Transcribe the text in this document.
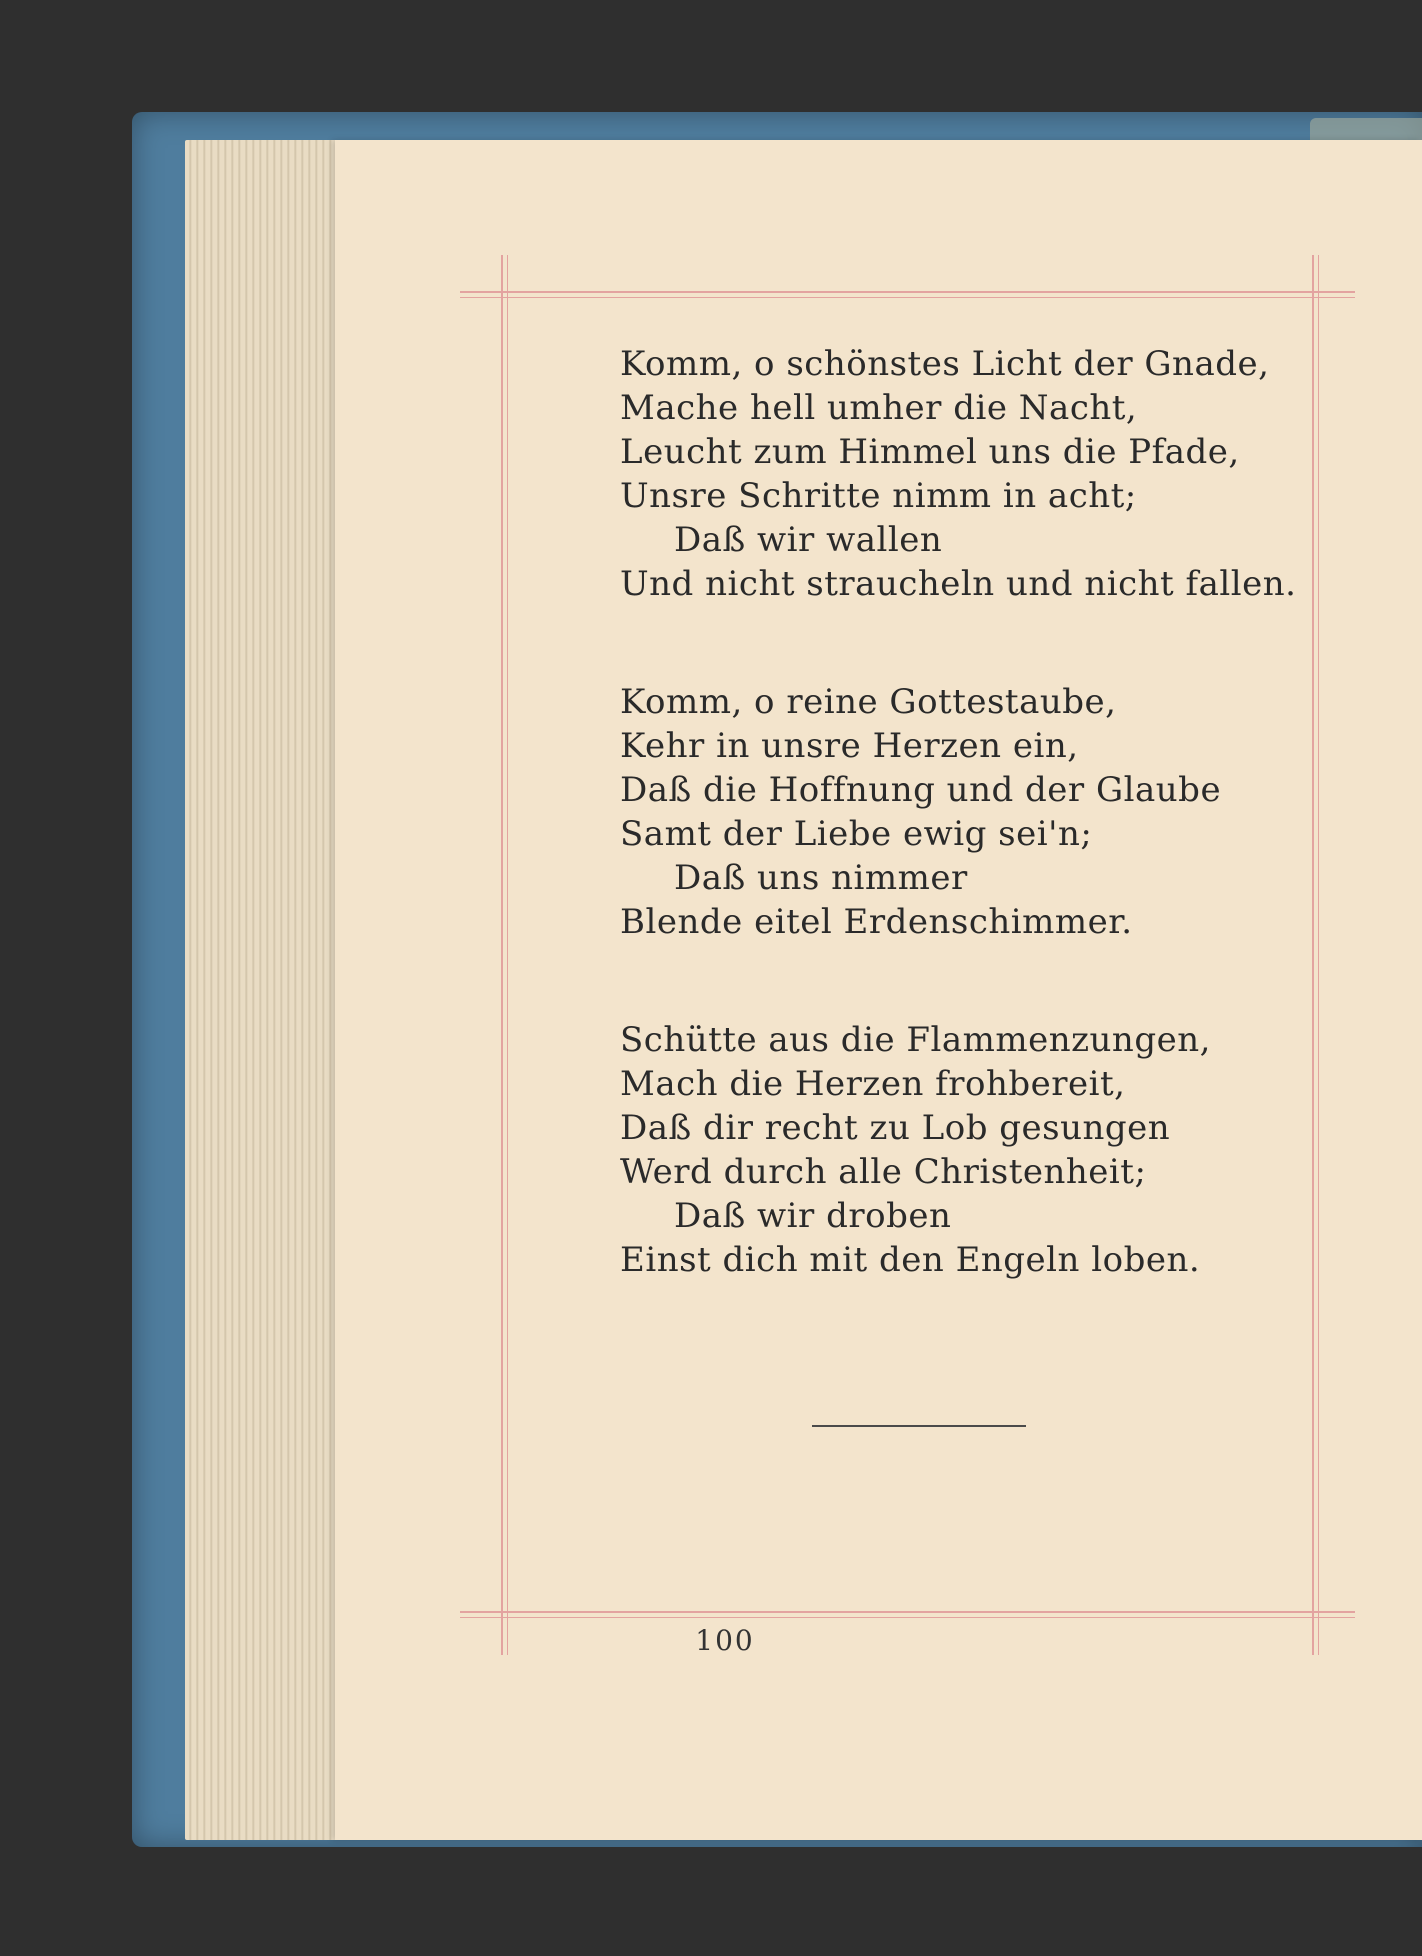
Komm, o schönstes Licht der Gnade,
Mache hell umher die Nacht,
Leucht zum Himmel uns die Pfade,
Unsre Schritte nimm in acht;
Daß wir wallen
Und nicht straucheln und nicht fallen.
Komm, o reine Gottestaube,
Kehr in unsre Herzen ein,
Daß die Hoffnung und der Glaube
Samt der Liebe ewig sei'n;
Daß uns nimmer
Blende eitel Erdenschimmer.
Schütte aus die Flammenzungen,
Mach die Herzen frohbereit,
Daß dir recht zu Lob gesungen
Werd durch alle Christenheit;
Daß wir droben
Einst dich mit den Engeln loben.
100
